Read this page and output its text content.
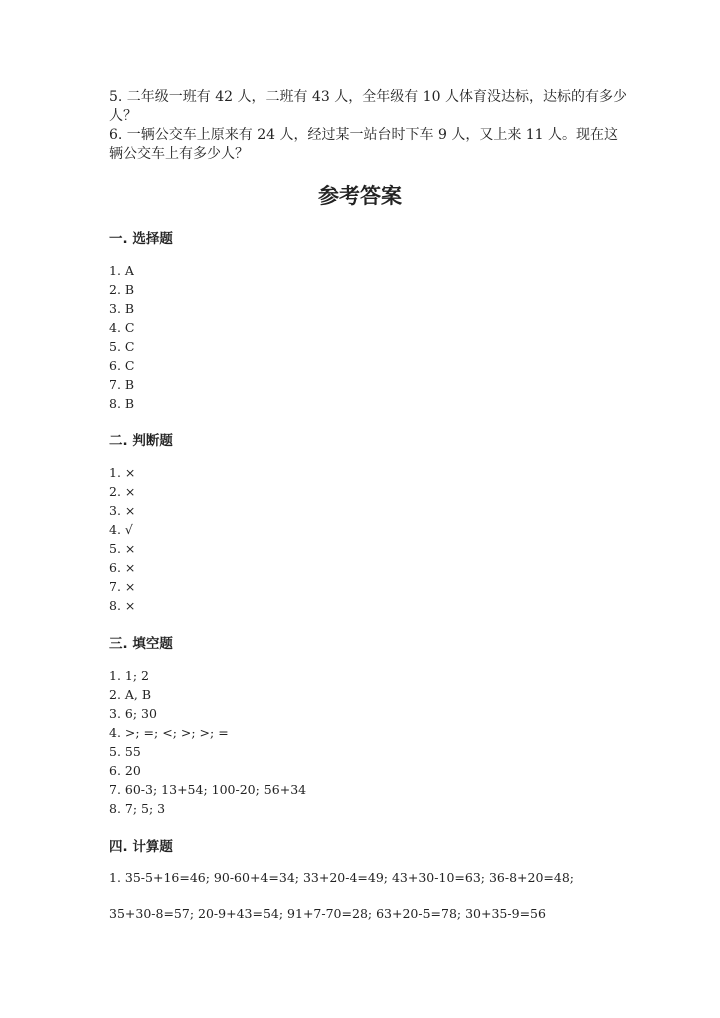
5. 二年级一班有 42 人，二班有 43 人，全年级有 10 人体育没达标，达标的有多少人？

6. 一辆公交车上原来有 24 人，经过某一站台时下车 9 人，又上来 11 人。现在这辆公交车上有多少人？

参考答案
一. 选择题
1. A
2. B
3. B
4. C
5. C
6. C
7. B
8. B
二. 判断题
1. ×
2. ×
3. ×
4. √
5. ×
6. ×
7. ×
8. ×
三. 填空题
1. 1; 2
2. A, B
3. 6; 30
4. >; =; <; >; >; =
5. 55
6. 20
7. 60-3; 13+54; 100-20; 56+34
8. 7; 5; 3
四. 计算题

1. 35-5+16=46; 90-60+4=34; 33+20-4=49; 43+30-10=63; 36-8+20=48;

35+30-8=57; 20-9+43=54; 91+7-70=28; 63+20-5=78; 30+35-9=56
